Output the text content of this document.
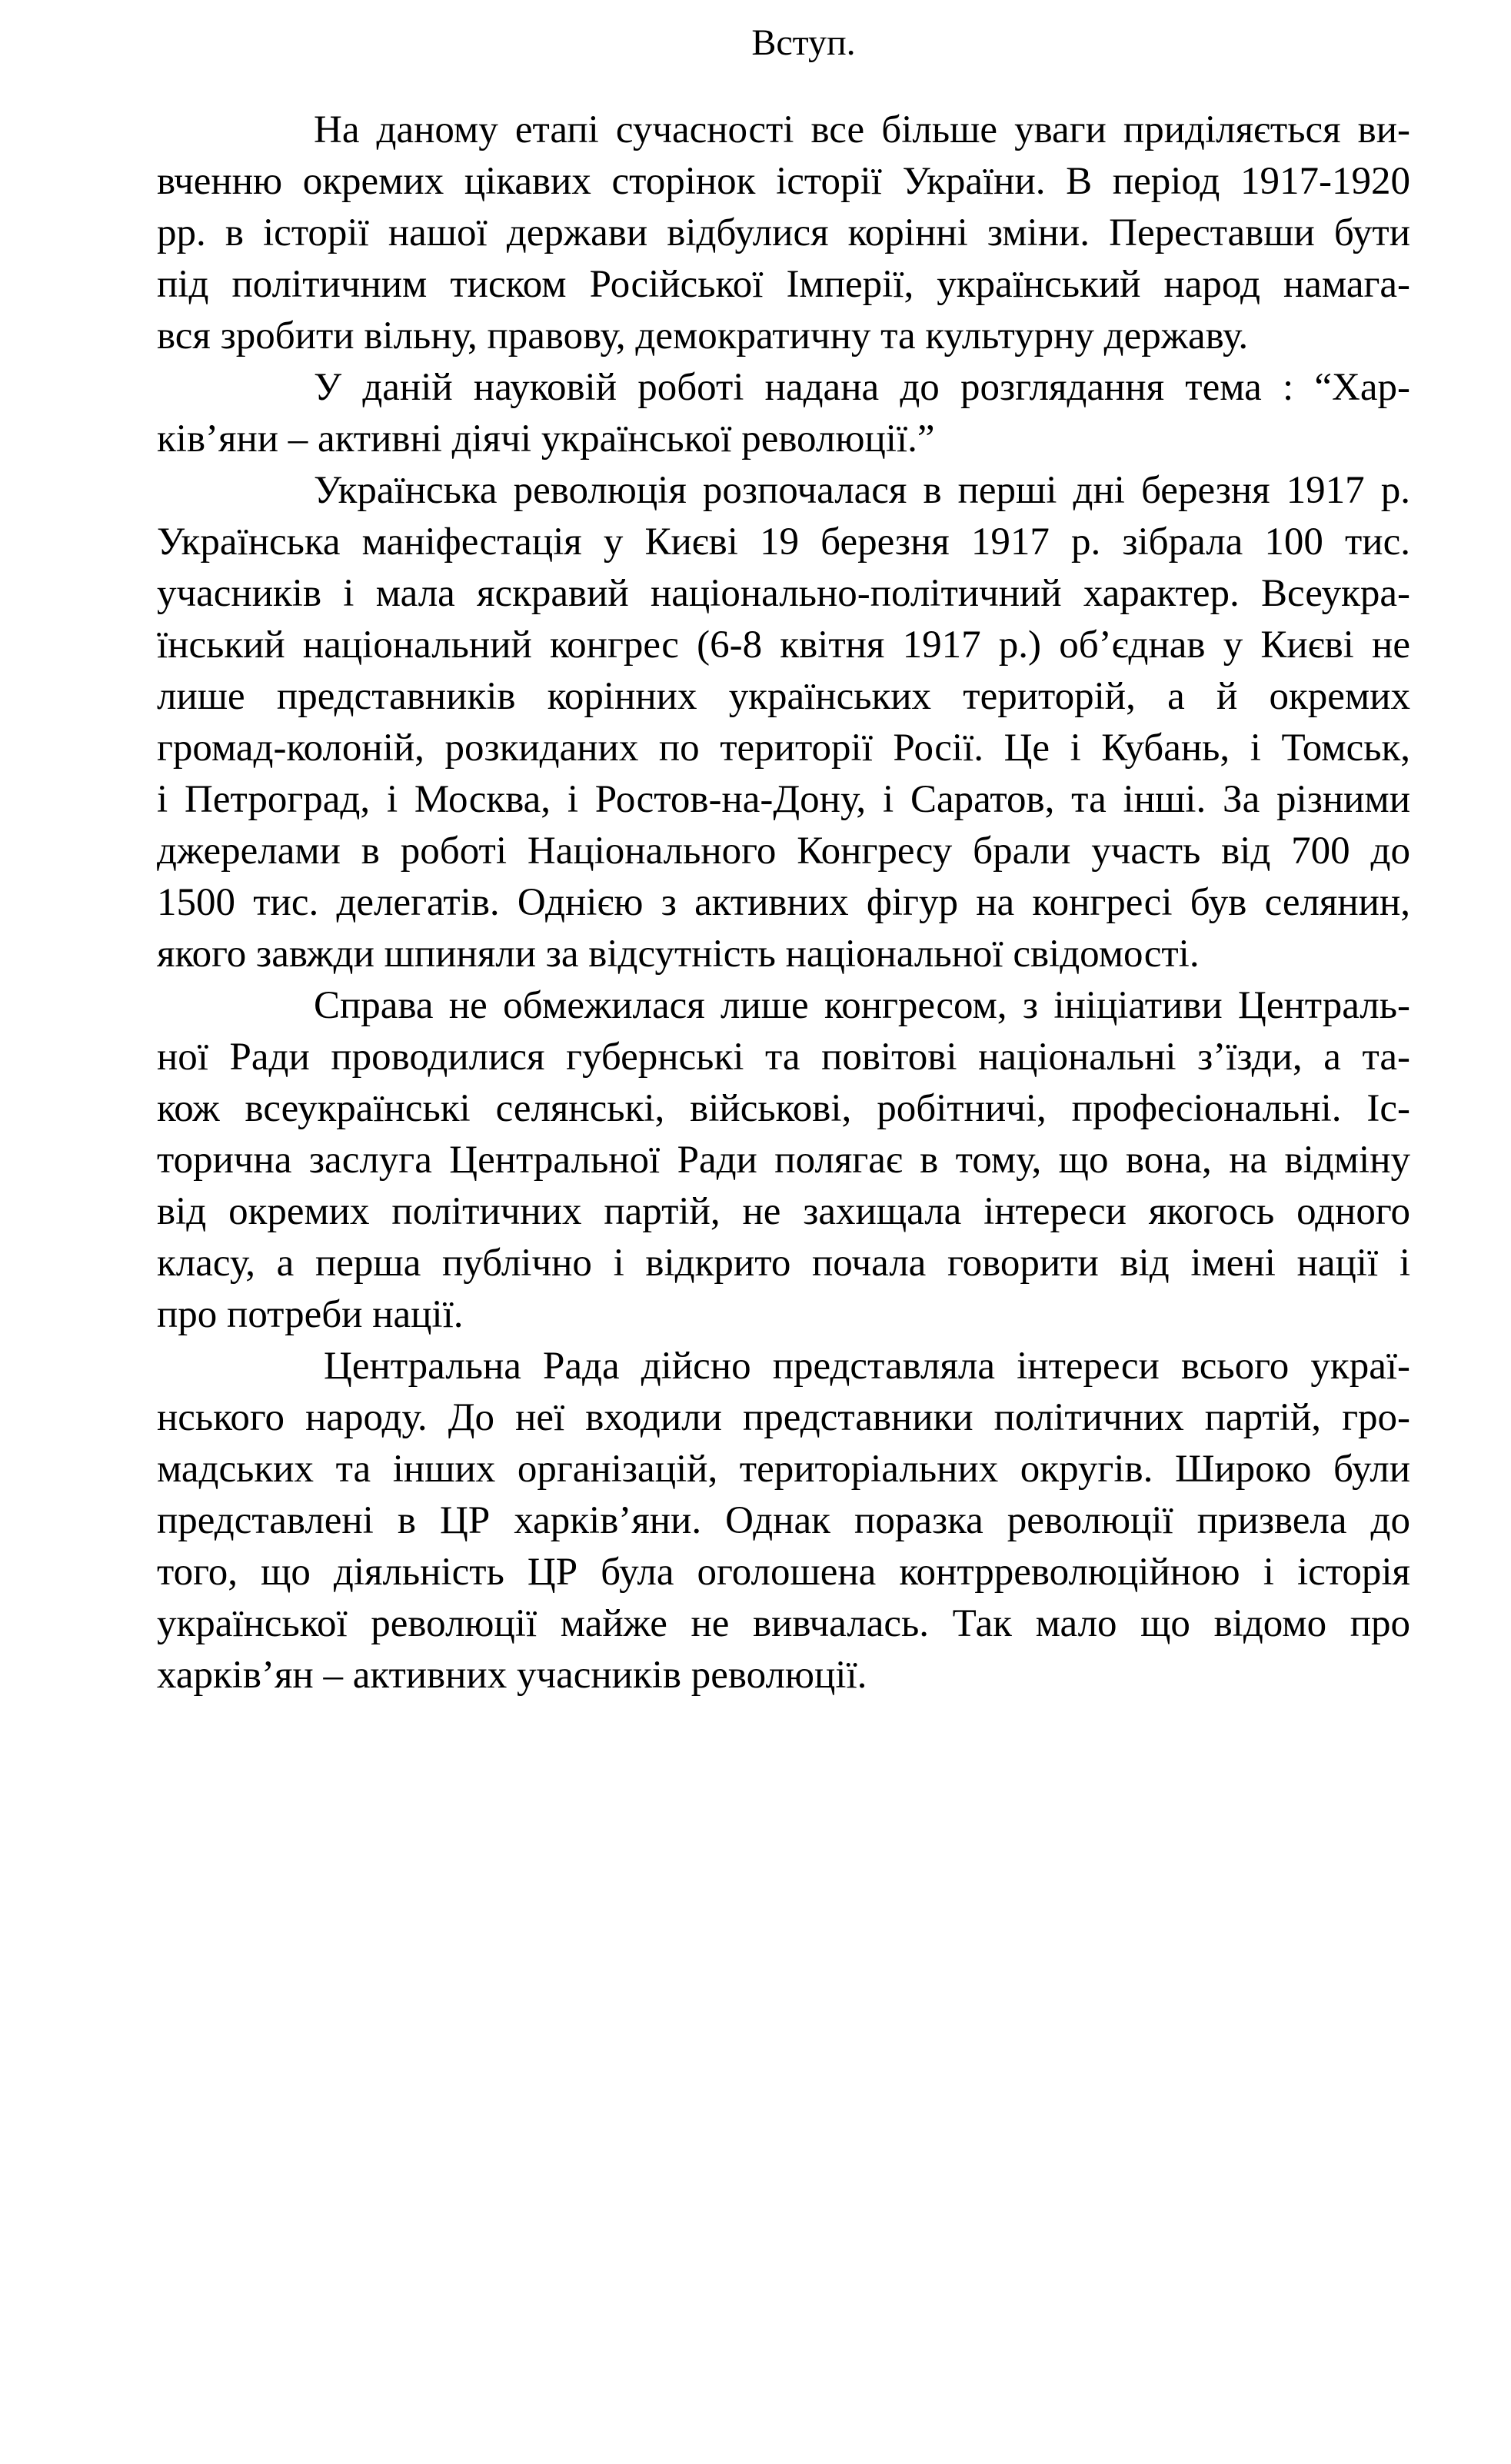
Вступ.
На даному етапі сучасності все більше уваги приділяється ви-
вченню окремих цікавих сторінок історії України. В період 1917-1920
рр. в історії нашої держави відбулися корінні зміни. Переставши бути
під політичним тиском Російської Імперії, український народ намага-
вся зробити вільну, правову, демократичну та культурну державу.
У даній науковій роботі надана до розглядання тема : “Хар-
ків’яни – активні діячі української революції.”
Українська революція розпочалася в перші дні березня 1917 р.
Українська маніфестація у Києві 19 березня 1917 р. зібрала 100 тис.
учасників і мала яскравий національно-політичний характер. Всеукра-
їнський національний конгрес (6-8 квітня 1917 р.) об’єднав у Києві не
лише представників корінних українських територій, а й окремих
громад-колоній, розкиданих по території Росії. Це і Кубань, і Томськ,
і Петроград, і Москва, і Ростов-на-Дону, і Саратов, та інші. За різними
джерелами в роботі Національного Конгресу брали участь від 700 до
1500 тис. делегатів. Однією з активних фігур на конгресі був селянин,
якого завжди шпиняли за відсутність національної свідомості.
Справа не обмежилася лише конгресом, з ініціативи Централь-
ної Ради проводилися губернські та повітові національні з’їзди, а та-
кож всеукраїнські селянські, військові, робітничі, професіональні. Іс-
торична заслуга Центральної Ради полягає в тому, що вона, на відміну
від окремих політичних партій, не захищала інтереси якогось одного
класу, а перша публічно і відкрито почала говорити від імені нації і
про потреби нації.
Центральна Рада дійсно представляла інтереси всього украї-
нського народу. До неї входили представники політичних партій, гро-
мадських та інших організацій, територіальних округів. Широко були
представлені в ЦР харків’яни. Однак поразка революції призвела до
того, що діяльність ЦР була оголошена контрреволюційною і історія
української революції майже не вивчалась. Так мало що відомо про
харків’ян – активних учасників революції.
